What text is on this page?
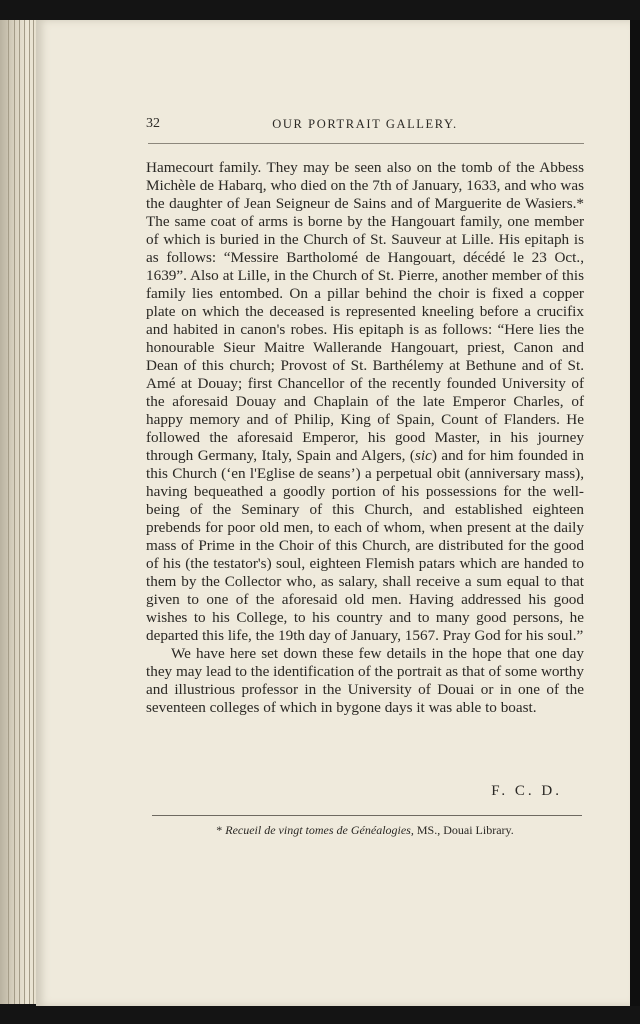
32	OUR PORTRAIT GALLERY.

Hamecourt family. They may be seen also on the tomb of the Abbess Michèle de Habarq, who died on the 7th of January, 1633, and who was the daughter of Jean Seigneur de Sains and of Marguerite de Wasiers.* The same coat of arms is borne by the Hangouart family, one member of which is buried in the Church of St. Sauveur at Lille. His epitaph is as follows: “Messire Bartholomé de Hangouart, décédé le 23 Oct., 1639”. Also at Lille, in the Church of St. Pierre, another member of this family lies entombed. On a pillar behind the choir is fixed a copper plate on which the deceased is represented kneeling before a crucifix and habited in canon's robes. His epitaph is as follows: “Here lies the honourable Sieur Maitre Wallerande Hangouart, priest, Canon and Dean of this church; Provost of St. Barthélemy at Bethune and of St. Amé at Douay; first Chancellor of the recently founded University of the aforesaid Douay and Chaplain of the late Emperor Charles, of happy memory and of Philip, King of Spain, Count of Flanders. He followed the aforesaid Emperor, his good Master, in his journey through Germany, Italy, Spain and Algers, (sic) and for him founded in this Church (‘en l'Eglise de seans’) a perpetual obit (anniversary mass), having bequeathed a goodly portion of his possessions for the well-being of the Seminary of this Church, and established eighteen prebends for poor old men, to each of whom, when present at the daily mass of Prime in the Choir of this Church, are distributed for the good of his (the testator's) soul, eighteen Flemish patars which are handed to them by the Collector who, as salary, shall receive a sum equal to that given to one of the aforesaid old men. Having addressed his good wishes to his College, to his country and to many good persons, he departed this life, the 19th day of January, 1567. Pray God for his soul.”

We have here set down these few details in the hope that one day they may lead to the identification of the portrait as that of some worthy and illustrious professor in the University of Douai or in one of the seventeen colleges of which in bygone days it was able to boast.

F. C. D.
* Recueil de vingt tomes de Généalogies, MS., Douai Library.
